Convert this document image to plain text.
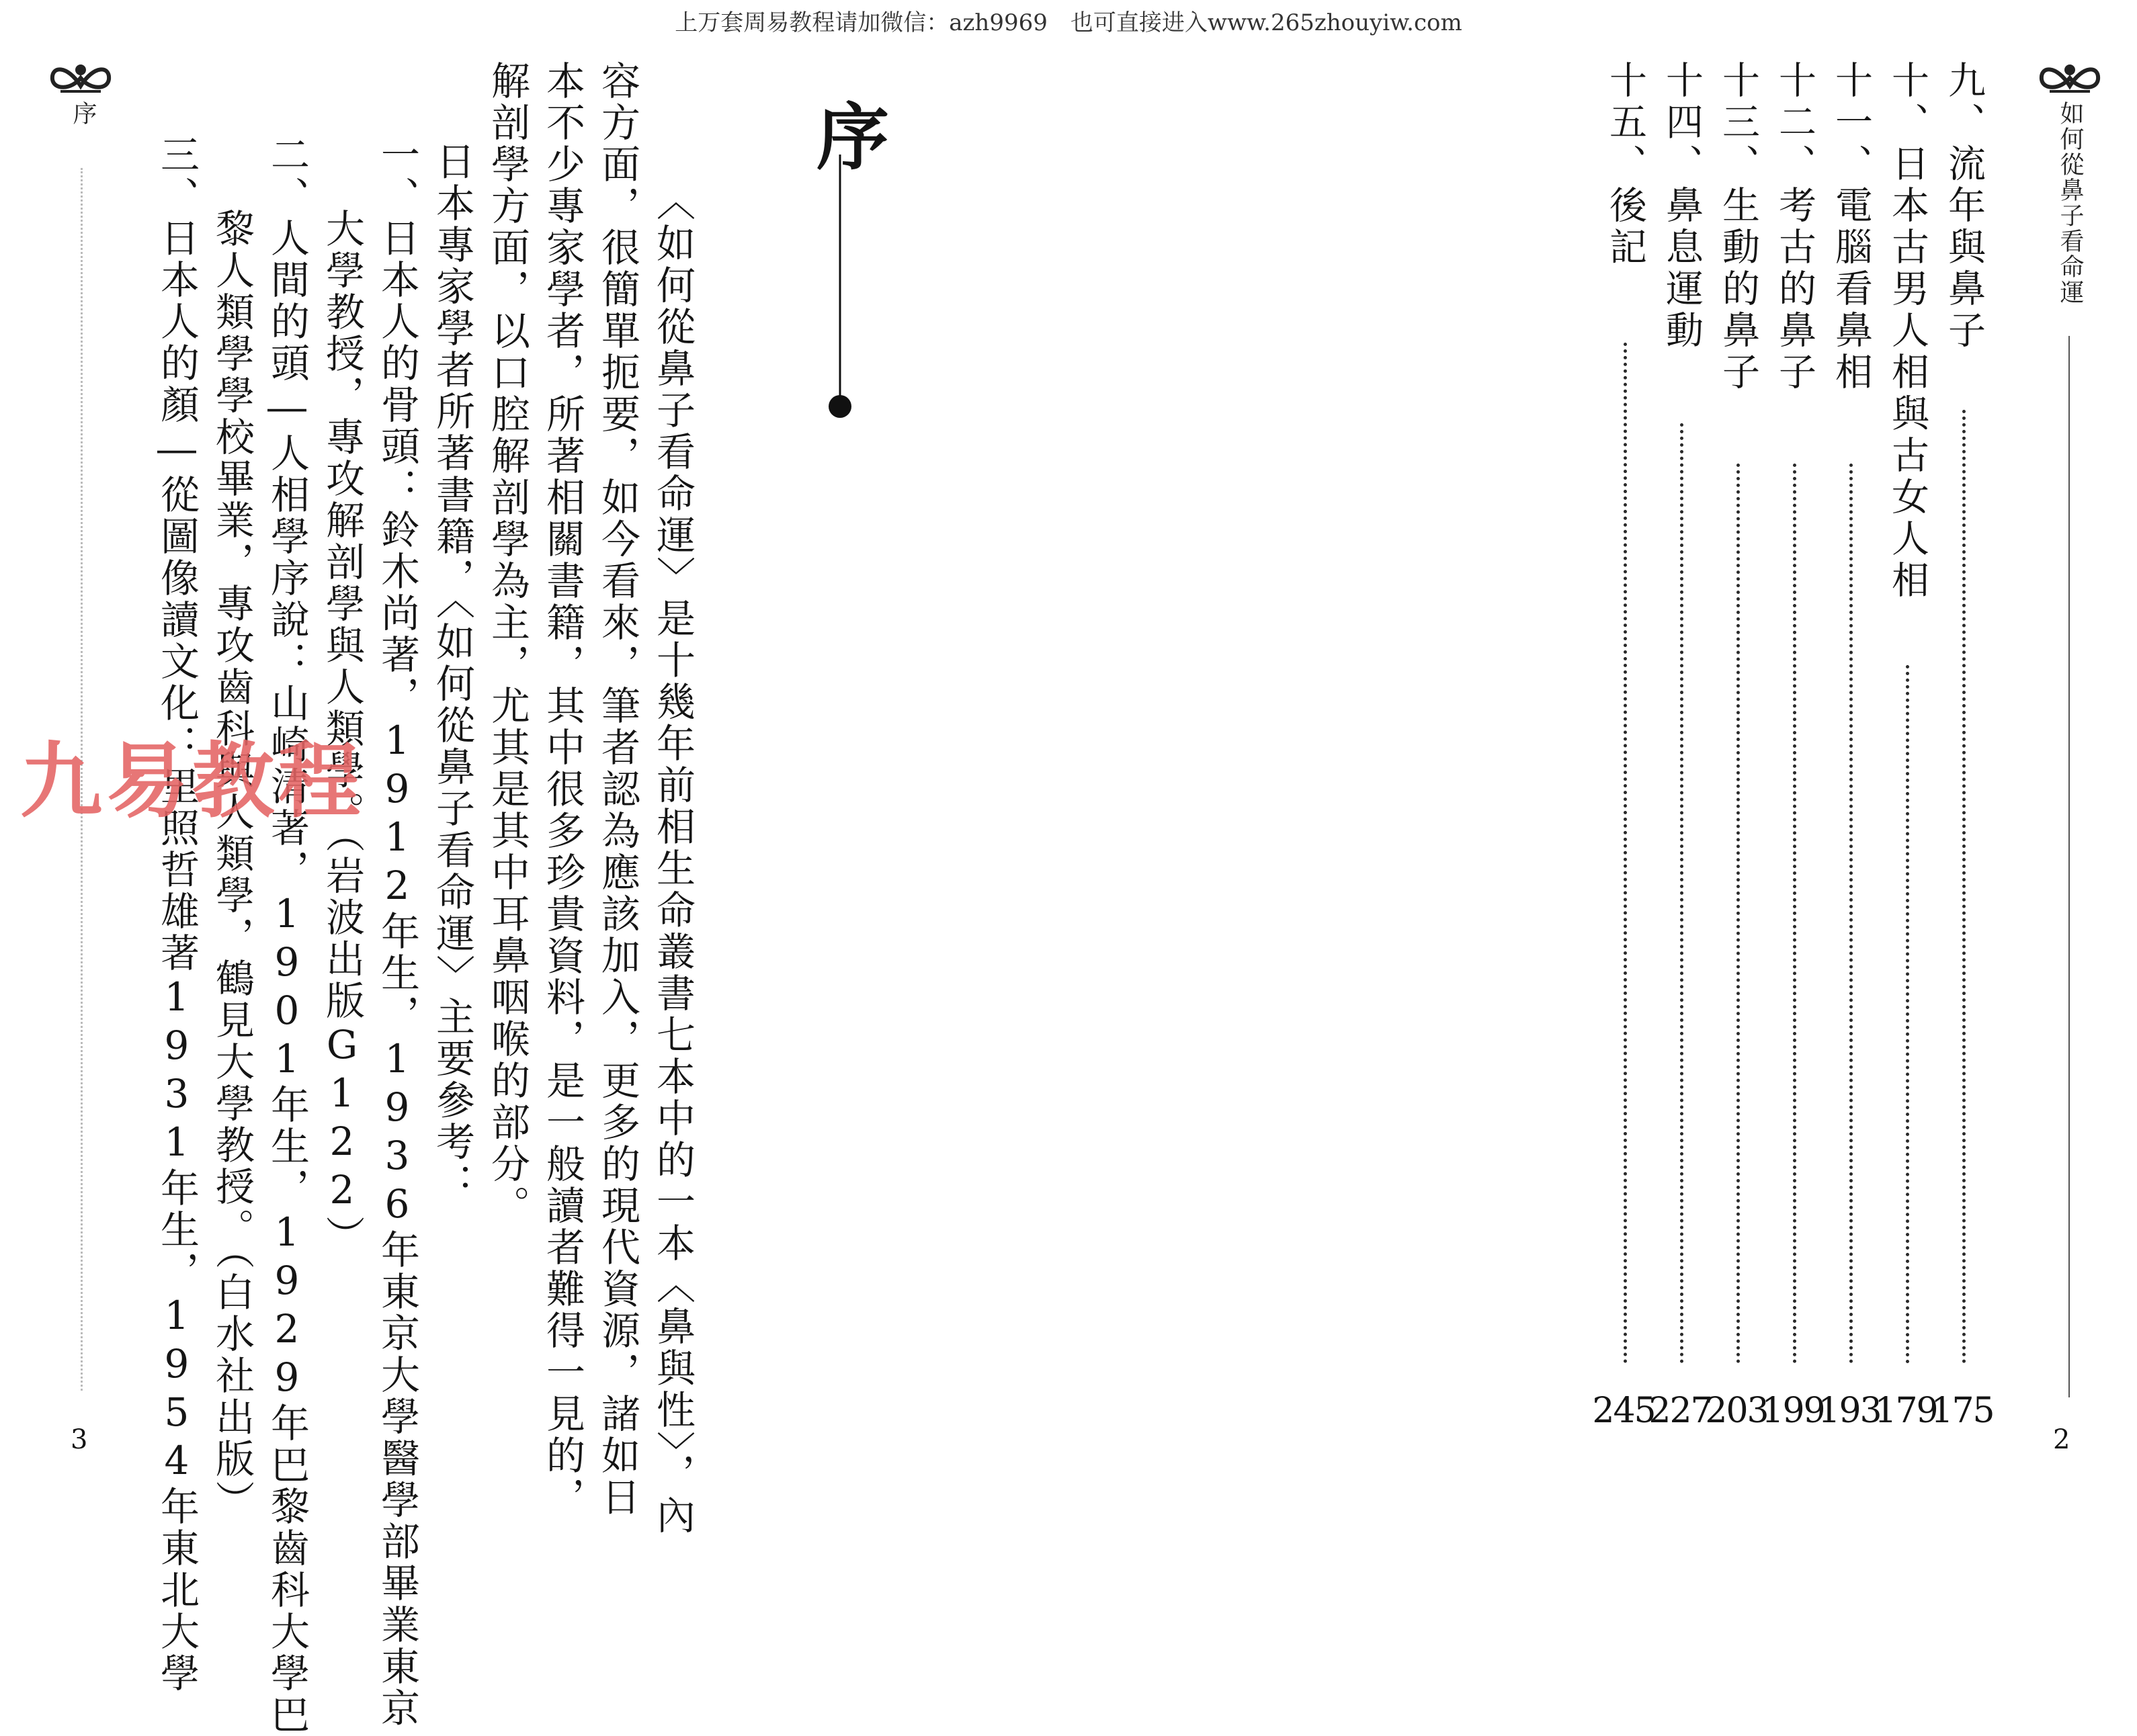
上万套周易教程请加微信：azh9969　也可直接进入www.265zhouyiw.com
序
3
序
〈如何從鼻子看命運〉是十幾年前相生命叢書七本中的一本〈鼻與性〉，內
容方面，很簡單扼要，如今看來，筆者認為應該加入，更多的現代資源，諸如日
本不少專家學者，所著相關書籍，其中很多珍貴資料，是一般讀者難得一見的，
解剖學方面，以口腔解剖學為主，尤其是其中耳鼻咽喉的部分。
日本專家學者所著書籍，〈如何從鼻子看命運〉主要參考：
一、日本人的骨頭：鈴木尚著，1912年生，1936年東京大學醫學部畢業東京
大學教授，專攻解剖學與人類學。（岩波出版G122）
二、人間的頭―人相學序說：山崎清著，1901年生，1929年巴黎齒科大學巴
黎人類學學校畢業，專攻齒科與人類學，鶴見大學教授。（白水社出版）
三、日本人的顏―從圖像讀文化：里照哲雄著1931年生，1954年東北大學
九易教程
如何從鼻子看命運
2
九、流年與鼻子
175
十、日本古男人相與古女人相
179
十一、電腦看鼻相
193
十二、考古的鼻子
199
十三、生動的鼻子
203
十四、鼻息運動
227
十五、後記
245
